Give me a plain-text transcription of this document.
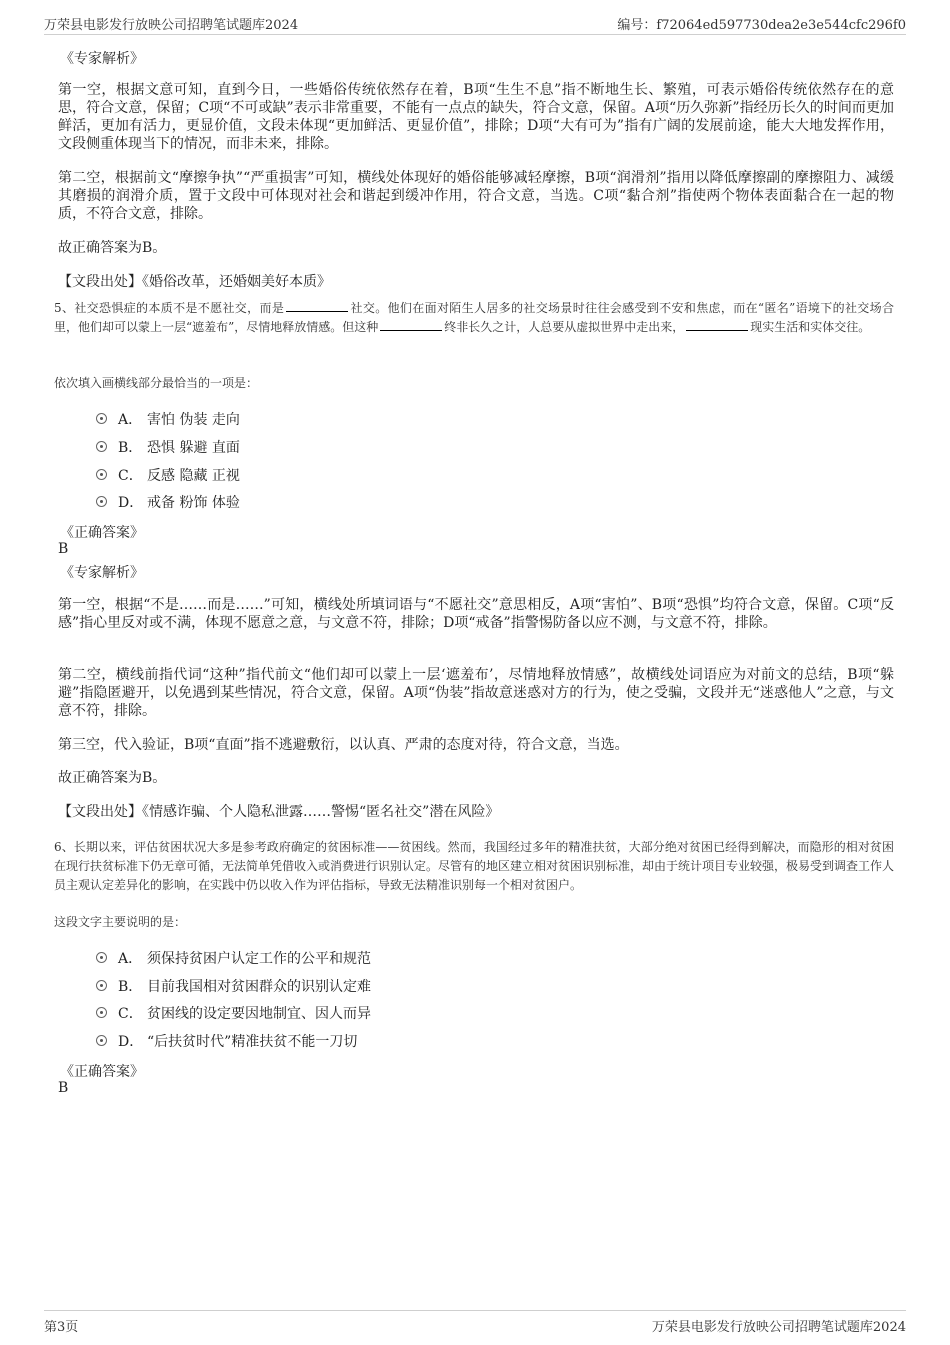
万荣县电影发行放映公司招聘笔试题库2024	编号：f72064ed597730dea2e3e544cfc296f0
《专家解析》
第一空，根据文意可知，直到今日，一些婚俗传统依然存在着，B项“生生不息”指不断地生长、繁殖，可表示婚俗传统依然存在的意思，符合文意，保留；C项“不可或缺”表示非常重要，不能有一点点的缺失，符合文意，保留。A项“历久弥新”指经历长久的时间而更加鲜活，更加有活力，更显价值，文段未体现“更加鲜活、更显价值”，排除；D项“大有可为”指有广阔的发展前途，能大大地发挥作用，文段侧重体现当下的情况，而非未来，排除。
第二空，根据前文“摩擦争执”“严重损害”可知，横线处体现好的婚俗能够减轻摩擦，B项“润滑剂”指用以降低摩擦副的摩擦阻力、减缓其磨损的润滑介质，置于文段中可体现对社会和谐起到缓冲作用，符合文意，当选。C项“黏合剂”指使两个物体表面黏合在一起的物质，不符合文意，排除。
故正确答案为B。
【文段出处】《婚俗改革，还婚姻美好本质》
5、社交恐惧症的本质不是不愿社交，而是	社交。他们在面对陌生人居多的社交场景时往往会感受到不安和焦虑，而在“匿名”语境下的社交场合里，他们却可以蒙上一层“遮羞布”，尽情地释放情感。但这种	终非长久之计，人总要从虚拟世界中走出来，	现实生活和实体交往。
依次填入画横线部分最恰当的一项是：
A． 害怕 伪装 走向
B． 恐惧 躲避 直面
C． 反感 隐藏 正视
D． 戒备 粉饰 体验
《正确答案》
B
《专家解析》
第一空，根据“不是……而是……”可知，横线处所填词语与“不愿社交”意思相反，A项“害怕”、B项“恐惧”均符合文意，保留。C项“反感”指心里反对或不满，体现不愿意之意，与文意不符，排除；D项“戒备”指警惕防备以应不测，与文意不符，排除。
第二空，横线前指代词“这种”指代前文“他们却可以蒙上一层‘遮羞布’，尽情地释放情感”，故横线处词语应为对前文的总结，B项“躲避”指隐匿避开，以免遇到某些情况，符合文意，保留。A项“伪装”指故意迷惑对方的行为，使之受骗，文段并无“迷惑他人”之意，与文意不符，排除。
第三空，代入验证，B项“直面”指不逃避敷衍，以认真、严肃的态度对待，符合文意，当选。
故正确答案为B。
【文段出处】《情感诈骗、个人隐私泄露……警惕“匿名社交”潜在风险》
6、长期以来，评估贫困状况大多是参考政府确定的贫困标准——贫困线。然而，我国经过多年的精准扶贫，大部分绝对贫困已经得到解决，而隐形的相对贫困在现行扶贫标准下仍无章可循，无法简单凭借收入或消费进行识别认定。尽管有的地区建立相对贫困识别标准，却由于统计项目专业较强，极易受到调查工作人员主观认定差异化的影响，在实践中仍以收入作为评估指标，导致无法精准识别每一个相对贫困户。
这段文字主要说明的是：
A． 须保持贫困户认定工作的公平和规范
B． 目前我国相对贫困群众的识别认定难
C． 贫困线的设定要因地制宜、因人而异
D． “后扶贫时代”精准扶贫不能一刀切
《正确答案》
B
第3页	万荣县电影发行放映公司招聘笔试题库2024
